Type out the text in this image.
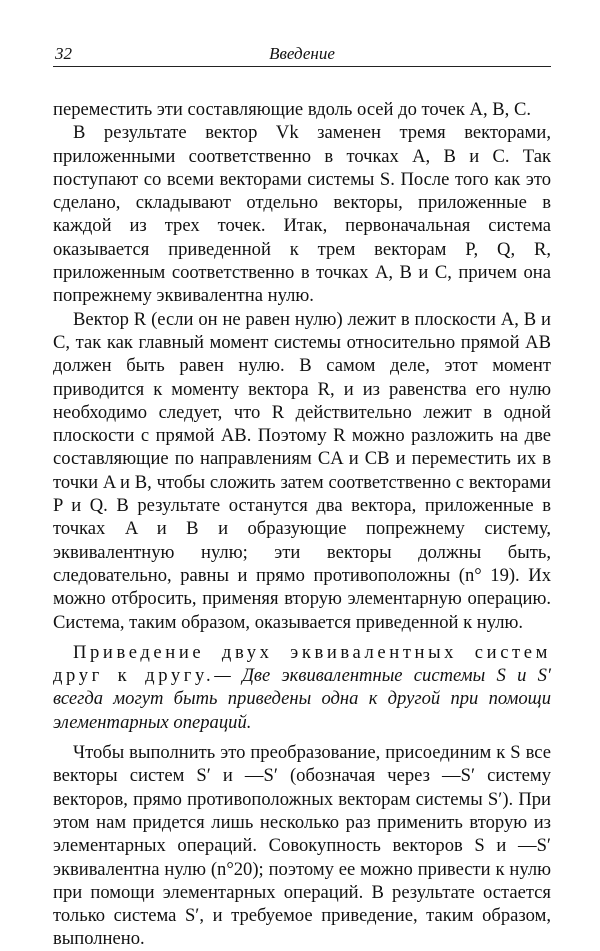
32	Введение

переместить эти составляющие вдоль осей до точек A, B, C.

В результате вектор Vk заменен тремя векторами, приложенными соответственно в точках A, B и C. Так поступают со всеми векторами системы S. После того как это сделано, складывают отдельно векторы, приложенные в каждой из трех точек. Итак, первоначальная система оказывается приведенной к трем векторам P, Q, R, приложенным соответственно в точках A, B и C, причем она попрежнему эквивалентна нулю.

Вектор R (если он не равен нулю) лежит в плоскости A, B и C, так как главный момент системы относительно прямой AB должен быть равен нулю. В самом деле, этот момент приводится к моменту вектора R, и из равенства его нулю необходимо следует, что R действительно лежит в одной плоскости с прямой AB. Поэтому R можно разложить на две составляющие по направлениям CA и CB и переместить их в точки A и B, чтобы сложить затем соответственно с векторами P и Q. В результате останутся два вектора, приложенные в точках A и B и образующие попрежнему систему, эквивалентную нулю; эти векторы должны быть, следовательно, равны и прямо противоположны (n° 19). Их можно отбросить, применяя вторую элементарную операцию. Система, таким образом, оказывается приведенной к нулю.

Приведение двух эквивалентных систем друг к другу.— Две эквивалентные системы S и S′ всегда могут быть приведены одна к другой при помощи элементарных операций.

Чтобы выполнить это преобразование, присоединим к S все векторы систем S′ и —S′ (обозначая через —S′ систему векторов, прямо противоположных векторам системы S′). При этом нам придется лишь несколько раз применить вторую из элементарных операций. Совокупность векторов S и —S′ эквивалентна нулю (n°20); поэтому ее можно привести к нулю при помощи элементарных операций. В результате остается только система S′, и требуемое приведение, таким образом, выполнено.
